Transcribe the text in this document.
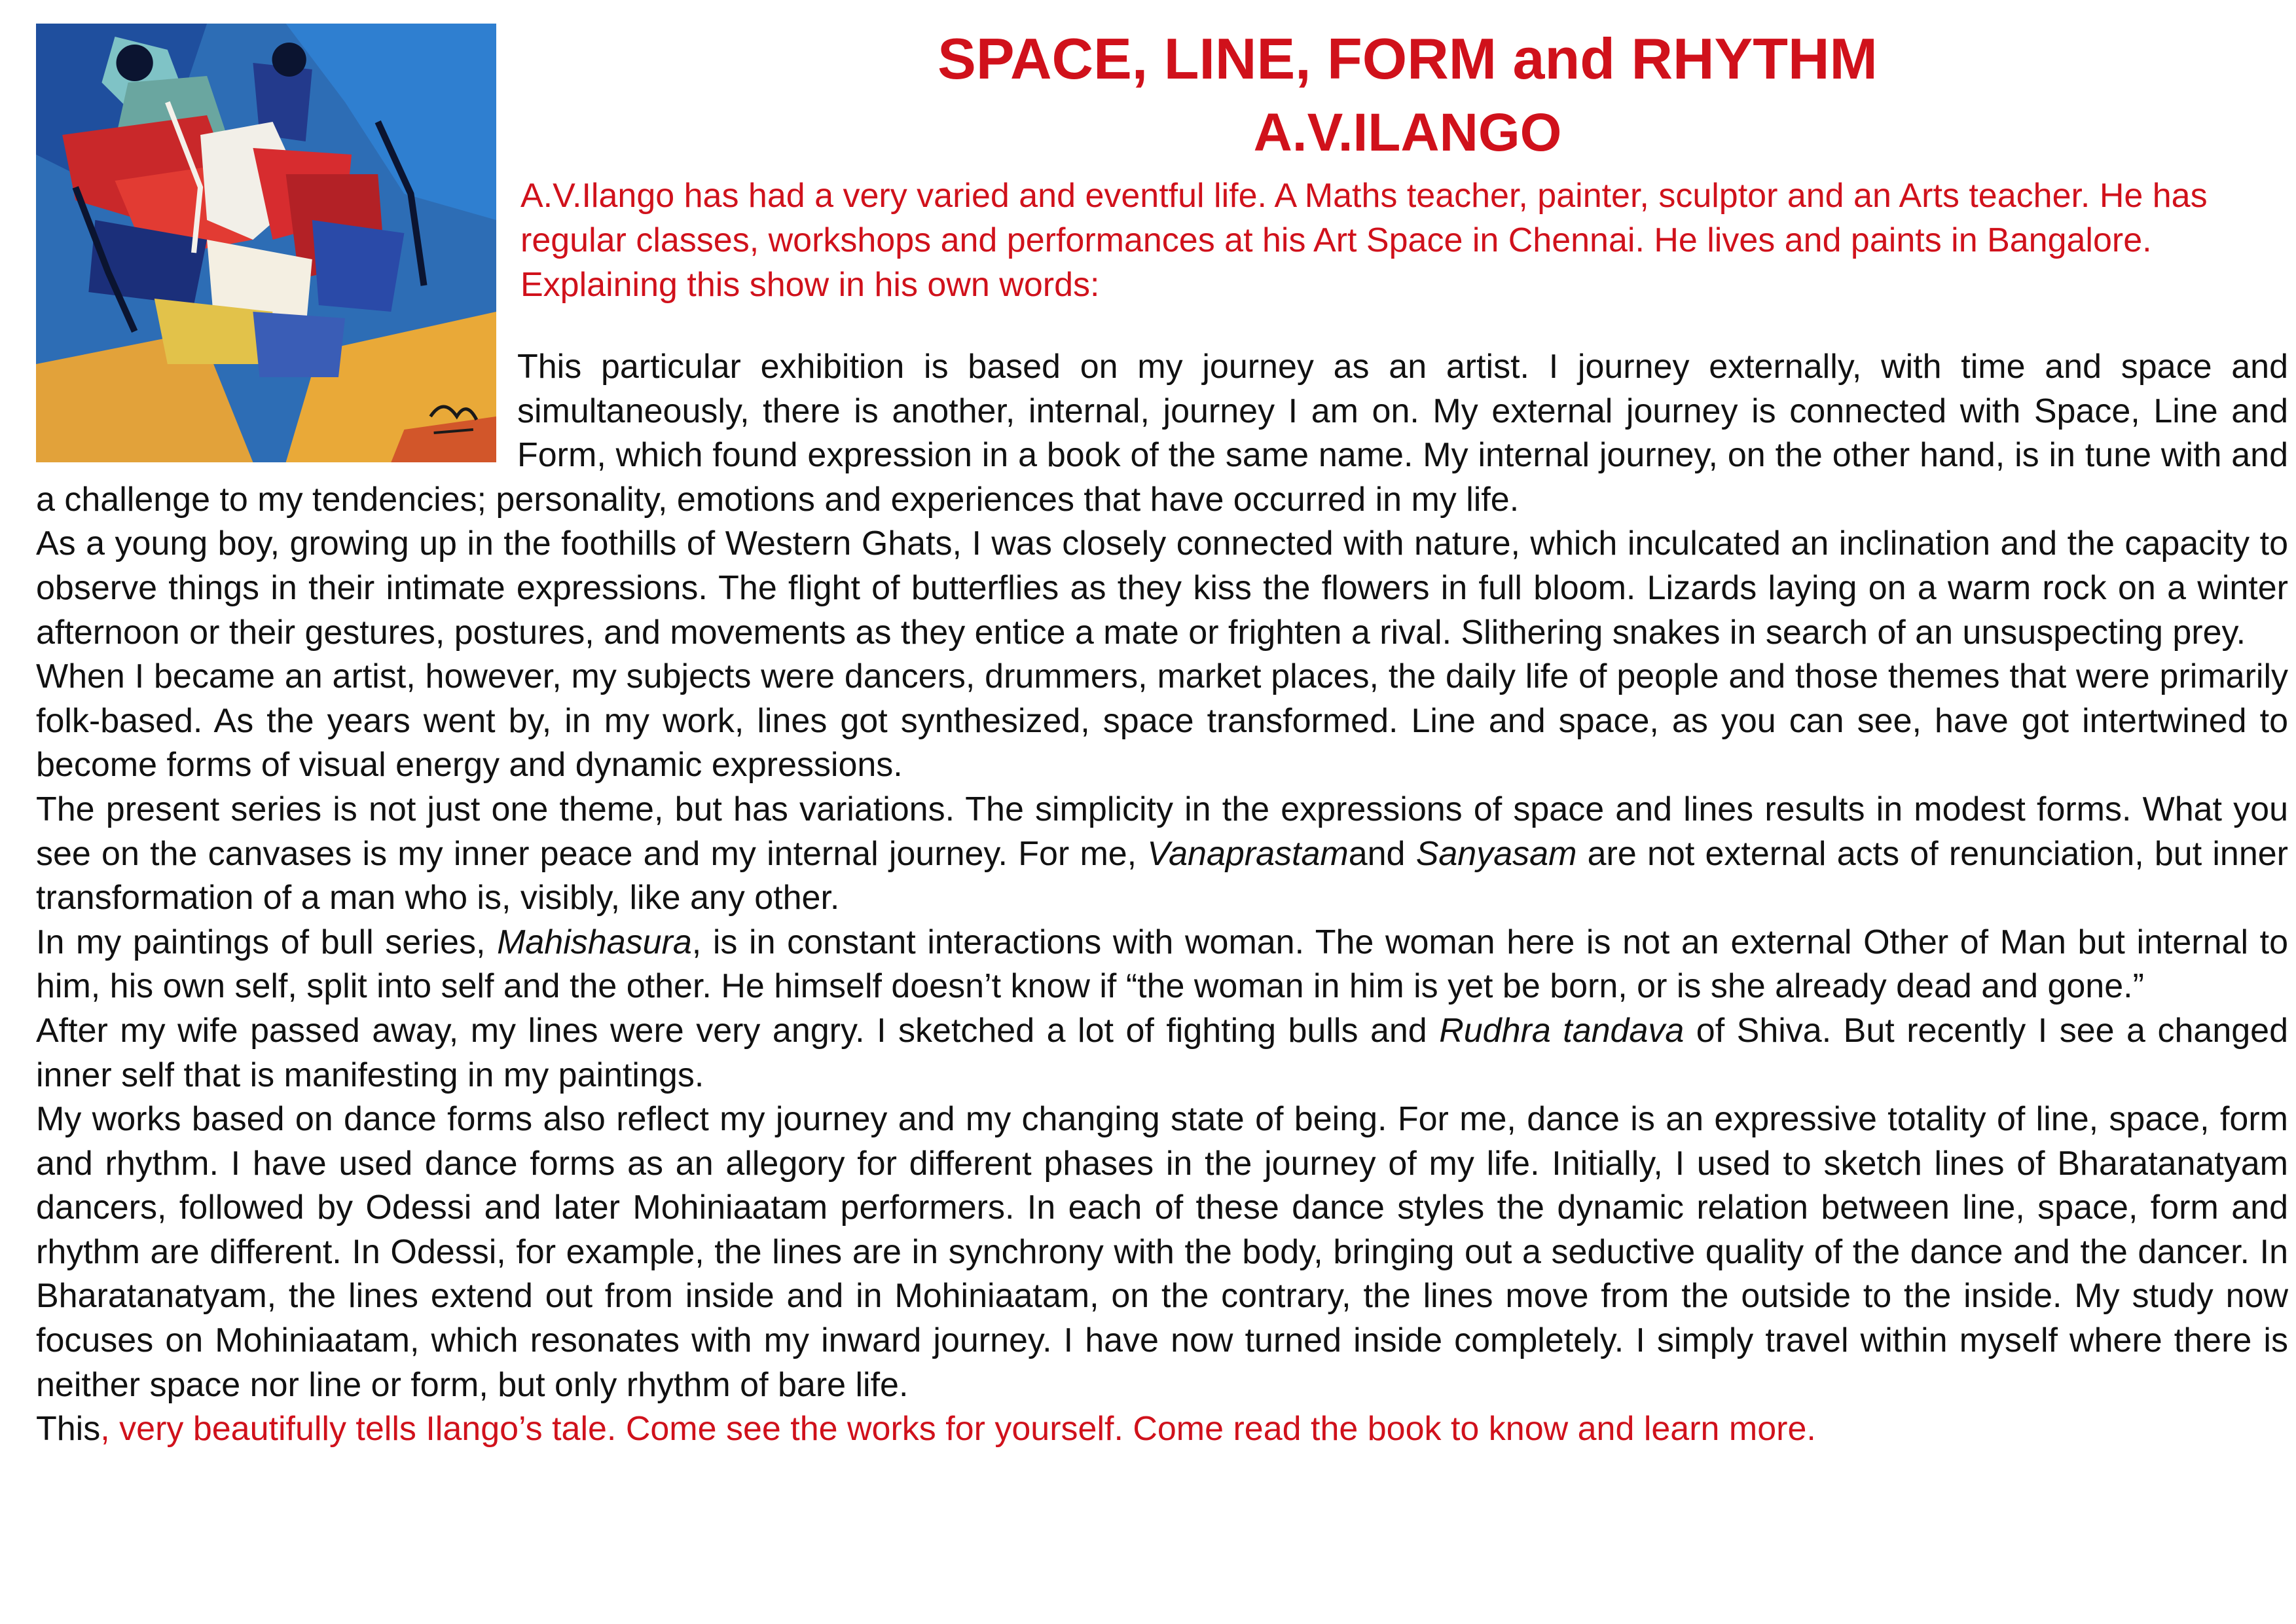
SPACE, LINE, FORM and RHYTHM
A.V.ILANGO

A.V.Ilango has had a very varied and eventful life. A Maths teacher, painter, sculptor and an Arts teacher. He has regular classes, workshops and performances at his Art Space in Chennai. He lives and paints in Bangalore. Explaining this show in his own words:

This particular exhibition is based on my journey as an artist. I journey externally, with time and space and simultaneously, there is another, internal, journey I am on. My external journey is connected with Space, Line and Form, which found expression in a book of the same name. My internal journey, on the other hand, is in tune with and a challenge to my tendencies; personality, emotions and experiences that have occurred in my life.

As a young boy, growing up in the foothills of Western Ghats, I was closely connected with nature, which inculcated an inclination and the capacity to observe things in their intimate expressions. The flight of butterflies as they kiss the flowers in full bloom. Lizards laying on a warm rock on a winter afternoon or their gestures, postures, and movements as they entice a mate or frighten a rival. Slithering snakes in search of an unsuspecting prey.

When I became an artist, however, my subjects were dancers, drummers, market places, the daily life of people and those themes that were primarily folk-based. As the years went by, in my work, lines got synthesized, space transformed. Line and space, as you can see, have got intertwined to become forms of visual energy and dynamic expressions.

The present series is not just one theme, but has variations. The simplicity in the expressions of space and lines results in modest forms. What you see on the canvases is my inner peace and my internal journey. For me, Vanaprastamand Sanyasam are not external acts of renunciation, but inner transformation of a man who is, visibly, like any other.

In my paintings of bull series, Mahishasura, is in constant interactions with woman. The woman here is not an external Other of Man but internal to him, his own self, split into self and the other. He himself doesn’t know if “the woman in him is yet be born, or is she already dead and gone.”

After my wife passed away, my lines were very angry. I sketched a lot of fighting bulls and Rudhra tandava of Shiva. But recently I see a changed inner self that is manifesting in my paintings.

My works based on dance forms also reflect my journey and my changing state of being. For me, dance is an expressive totality of line, space, form and rhythm. I have used dance forms as an allegory for different phases in the journey of my life. Initially, I used to sketch lines of Bharatanatyam dancers, followed by Odessi and later Mohiniaatam performers. In each of these dance styles the dynamic relation between line, space, form and rhythm are different. In Odessi, for example, the lines are in synchrony with the body, bringing out a seductive quality of the dance and the dancer. In Bharatanatyam, the lines extend out from inside and in Mohiniaatam, on the contrary, the lines move from the outside to the inside. My study now focuses on Mohiniaatam, which resonates with my inward journey. I have now turned inside completely. I simply travel within myself where there is neither space nor line or form, but only rhythm of bare life.

This, very beautifully tells Ilango’s tale. Come see the works for yourself. Come read the book to know and learn more.
